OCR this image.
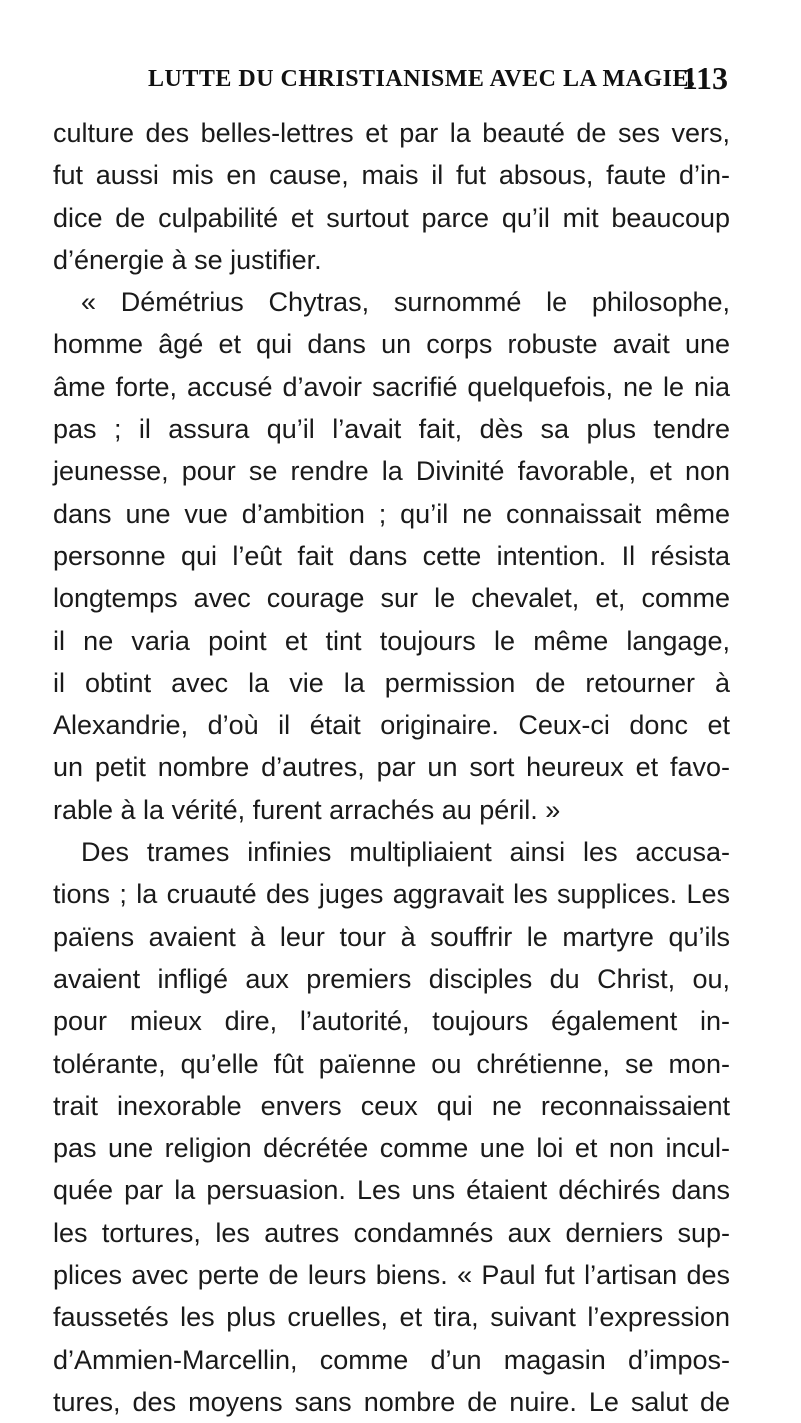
LUTTE DU CHRISTIANISME AVEC LA MAGIE.
113
culture des belles-lettres et par la beauté de ses vers,
fut aussi mis en cause, mais il fut absous, faute d’in-
dice de culpabilité et surtout parce qu’il mit beaucoup
d’énergie à se justifier.
« Démétrius Chytras, surnommé le philosophe,
homme âgé et qui dans un corps robuste avait une
âme forte, accusé d’avoir sacrifié quelquefois, ne le nia
pas ; il assura qu’il l’avait fait, dès sa plus tendre
jeunesse, pour se rendre la Divinité favorable, et non
dans une vue d’ambition ; qu’il ne connaissait même
personne qui l’eût fait dans cette intention. Il résista
longtemps avec courage sur le chevalet, et, comme
il ne varia point et tint toujours le même langage,
il obtint avec la vie la permission de retourner à
Alexandrie, d’où il était originaire. Ceux-ci donc et
un petit nombre d’autres, par un sort heureux et favo-
rable à la vérité, furent arrachés au péril. »
Des trames infinies multipliaient ainsi les accusa-
tions ; la cruauté des juges aggravait les supplices. Les
païens avaient à leur tour à souffrir le martyre qu’ils
avaient infligé aux premiers disciples du Christ, ou,
pour mieux dire, l’autorité, toujours également in-
tolérante, qu’elle fût païenne ou chrétienne, se mon-
trait inexorable envers ceux qui ne reconnaissaient
pas une religion décrétée comme une loi et non incul-
quée par la persuasion. Les uns étaient déchirés dans
les tortures, les autres condamnés aux derniers sup-
plices avec perte de leurs biens. « Paul fut l’artisan des
faussetés les plus cruelles, et tira, suivant l’expression
d’Ammien-Marcellin, comme d’un magasin d’impos-
tures, des moyens sans nombre de nuire. Le salut de
